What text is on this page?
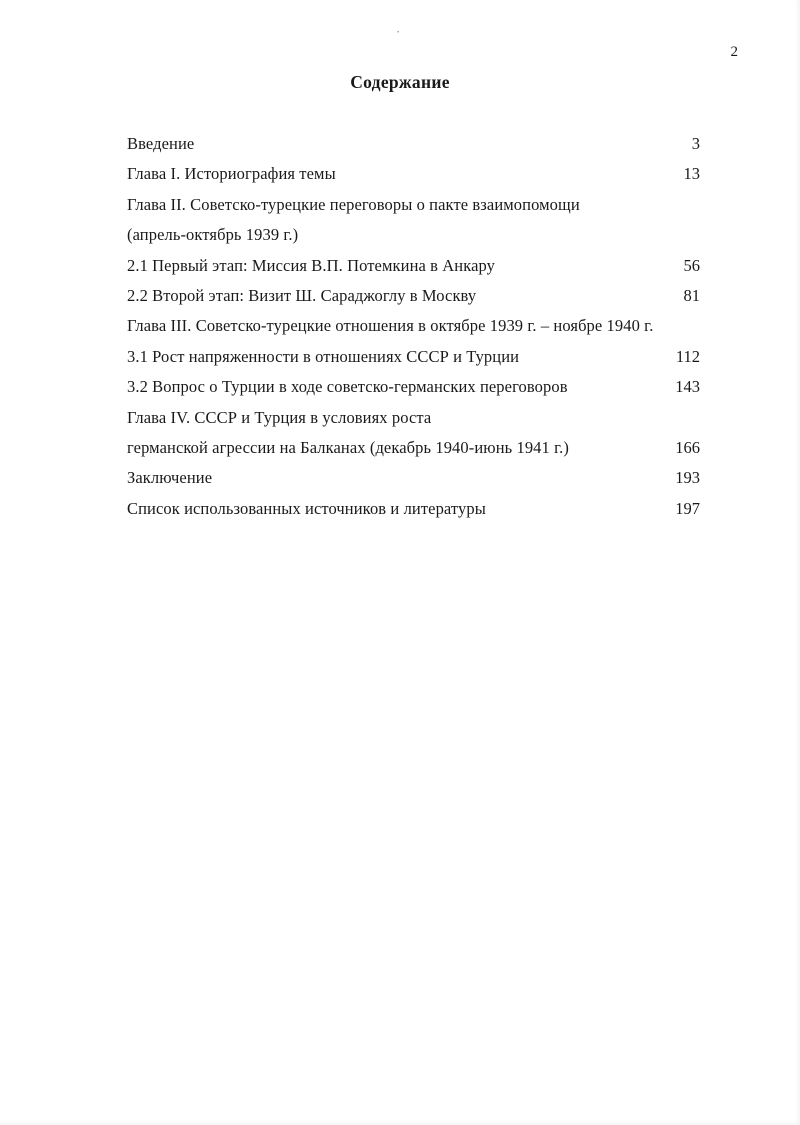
·
2
Содержание
Введение	3
Глава I. Историография темы	13
Глава II. Советско-турецкие переговоры о пакте взаимопомощи
(апрель-октябрь 1939 г.)
2.1 Первый этап: Миссия В.П. Потемкина в Анкару	56
2.2 Второй этап: Визит Ш. Сараджоглу в Москву	81
Глава III. Советско-турецкие отношения в октябре 1939 г. – ноябре 1940 г.
3.1 Рост напряженности в отношениях СССР и Турции	112
3.2 Вопрос о Турции в ходе советско-германских переговоров	143
Глава IV. СССР и Турция в условиях роста
германской агрессии на Балканах (декабрь 1940-июнь 1941 г.)	166
Заключение	193
Список использованных источников и литературы	197
